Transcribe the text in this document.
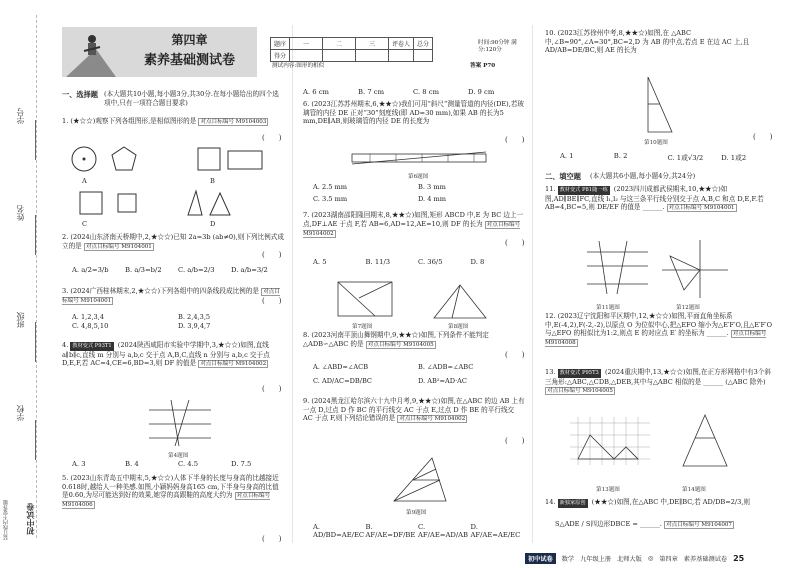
学号
姓名
班级
学校
装订线内不要答题 初中试卷
第四章
素养基础测试卷
题序	一	二	三	评卷人	总分
得分					
时间:90分钟 满分:120分
测试内容:图形的相似	答案 P70
一、选择题 (本大题共10小题,每小题3分,共30分.在每小题给出的四个选项中,只有一项符合题目要求)
1. (★☆☆)观察下列各组图形,是相似图形的是 对点目标编号 M9104003
(　　)
A	B
C	D
2. (2024山东济南天桥期中,2,★☆☆)已知 2a=3b (ab≠0),则下列比例式成立的是 对点目标编号 M9104001
(　　)
A. a/2=3/b	B. a/3=b/2	C. a/b=2/3	D. a/b=3/2
3. (2024广西桂林期末,2,★☆☆)下列各组中的四条线段成比例的是 对点目标编号 M9104001	(　　)
A. 1,2,3,4	B. 2,4,3,5
C. 4,8,5,10	D. 3,9,4,7
4. 教材变式 P93T1 (2024陕西咸阳市实验中学期中,3,★☆☆)如图,直线 a∥b∥c,直线 m 分别与 a,b,c 交于点 A,B,C,直线 n 分别与 a,b,c 交于点 D,E,F,若 AC=4,CE=6,BD=3,则 DF 的值是 对点目标编号 M9104002
(　　)
第4题图
A. 3	B. 4	C. 4.5	D. 7.5
5. (2023山东青岛五中期末,5,★☆☆)人体下半身的长度与身高的比越接近0.618时,越给人一种美感.如图,小颖妈妈身高165 cm,下半身与身高的比值是0.60,为尽可能达到好的效果,她穿的高跟鞋的高度大约为 对点目标编号 M9104006
(　　)
A. 6 cm	B. 7 cm	C. 8 cm	D. 9 cm
6. (2023江苏苏州期末,6,★★☆)我们可用“斜尺”测量管道的内径(DE),若玻璃管的内径 DE 正对“30”刻度线(即 AD=30 mm),如果 AB 的长为5 mm,DE∥AB,则玻璃管的内径 DE 的长度为
(　　)
第6题图
A. 2.5 mm	B. 3 mm
C. 3.5 mm	D. 4 mm
7. (2023湖南邵阳隆回期末,8,★★☆)如图,矩形 ABCD 中,E 为 BC 边上一点,DF⊥AE 于点 F,若 AB=6,AD=12,AE=10,则 DF 的长为 对点目标编号 M9104002
(　　)
A. 5	B. 11/3	C. 36/5	D. 8
第7题图	第8题图
8. (2023河南平顶山舞钢期中,9,★★☆)如图,下列条件不能判定 △ADB∽△ABC 的是 对点目标编号 M9104005
(　　)
A. ∠ABD=∠ACB	B. ∠ADB=∠ABC
C. AD/AC=DB/BC	D. AB²=AD·AC
9. (2024黑龙江哈尔滨六十九中月考,9,★★☆)如图,在△ABC 的边 AB 上有一点 D,过点 D 作 BC 的平行线交 AC 于点 E,过点 D 作 BE 的平行线交 AC 于点 F,则下列结论错误的是 对点目标编号 M9104002
(　　)
第9题图
A. AD/BD=AE/EC
B. AF/AE=DF/BE
C. AF/AE=AD/AB
D. AF/AE=AE/EC
10. (2023江苏徐州中考,8,★★☆)如图,在 △ABC 中,∠B=90°,∠A=30°,BC=2,D 为 AB 的中点,若点 E 在边 AC 上,且 AD/AB=DE/BC,则 AE 的长为
第10题图
(　　)
A. 1	B. 2	C. 1或√3/2	D. 1或2
二、填空题 (本大题共6小题,每小题4分,共24分)
11. 教材变式 P81随一练 (2023四川成都武侯期末,10,★★☆)如图,AD∥BE∥FC,直线 l₁,l₂ 与这三条平行线分别交于点 A,B,C 和点 D,E,F.若 AB=4,BC=5,则 DE/EF 的值是 ______. 对点目标编号 M9104001
第11题图	第12题图
12. (2023辽宁沈阳和平区期中,12,★☆☆)如图,平面直角坐标系中,E(-4,2),F(-2,-2),以原点 O 为位似中心,把△EFO 缩小为△E′F′O,且△E′F′O 与△EFO 的相似比为1:2,则点 E 的对应点 E′ 的坐标为 ______. 对点目标编号 M9104008
13. 教材变式 P95T3 (2024重庆期中,13,★☆☆)如图,在正方形网格中有3个斜三角形:△ABC,△CDB,△DEB,其中与△ABC 相似的是 ______ (△ABC 除外) 对点目标编号 M9104005
第13题图	第14题图
14. 新独家原创 (★★☆)如图,在△ABC 中,DE∥BC,若 AD/DB=2/3,则
S△ADE / S四边形DBCE = ______. 对点目标编号 M9104007
初中试卷	数学 九年级上册 北师大版 ◎ 第四章 素养基础测试卷 25
